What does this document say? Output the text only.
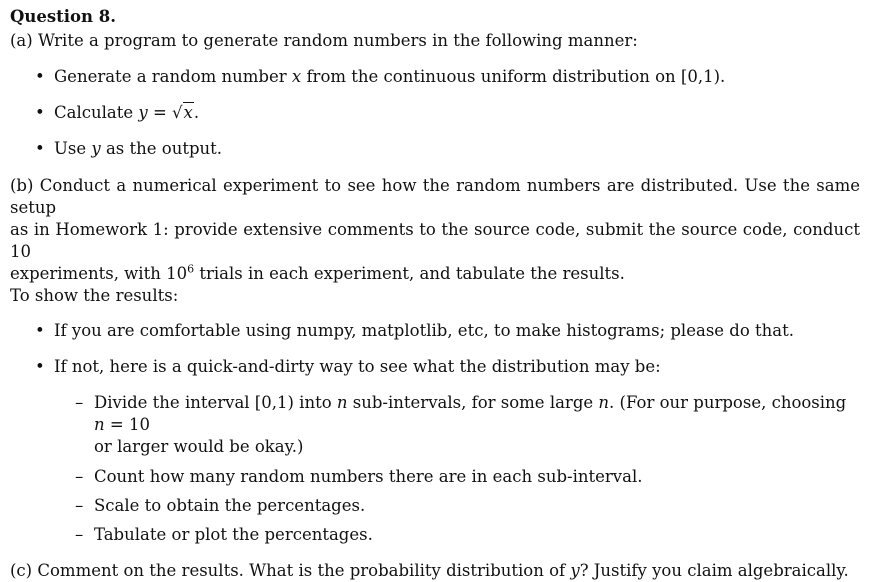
Question 8.

(a) Write a program to generate random numbers in the following manner:

• Generate a random number x from the continuous uniform distribution on [0,1).

• Calculate y = √x.

• Use y as the output.

(b) Conduct a numerical experiment to see how the random numbers are distributed. Use the same setup

as in Homework 1: provide extensive comments to the source code, submit the source code, conduct 10

experiments, with $10^6$ trials in each experiment, and tabulate the results.

To show the results:

• If you are comfortable using numpy, matplotlib, etc, to make histograms; please do that.

• If not, here is a quick-and-dirty way to see what the distribution may be:

– Divide the interval [0,1) into n sub-intervals, for some large n. (For our purpose, choosing n = 10

or larger would be okay.)

– Count how many random numbers there are in each sub-interval.

– Scale to obtain the percentages.

– Tabulate or plot the percentages.

(c) Comment on the results. What is the probability distribution of y? Justify you claim algebraically.
